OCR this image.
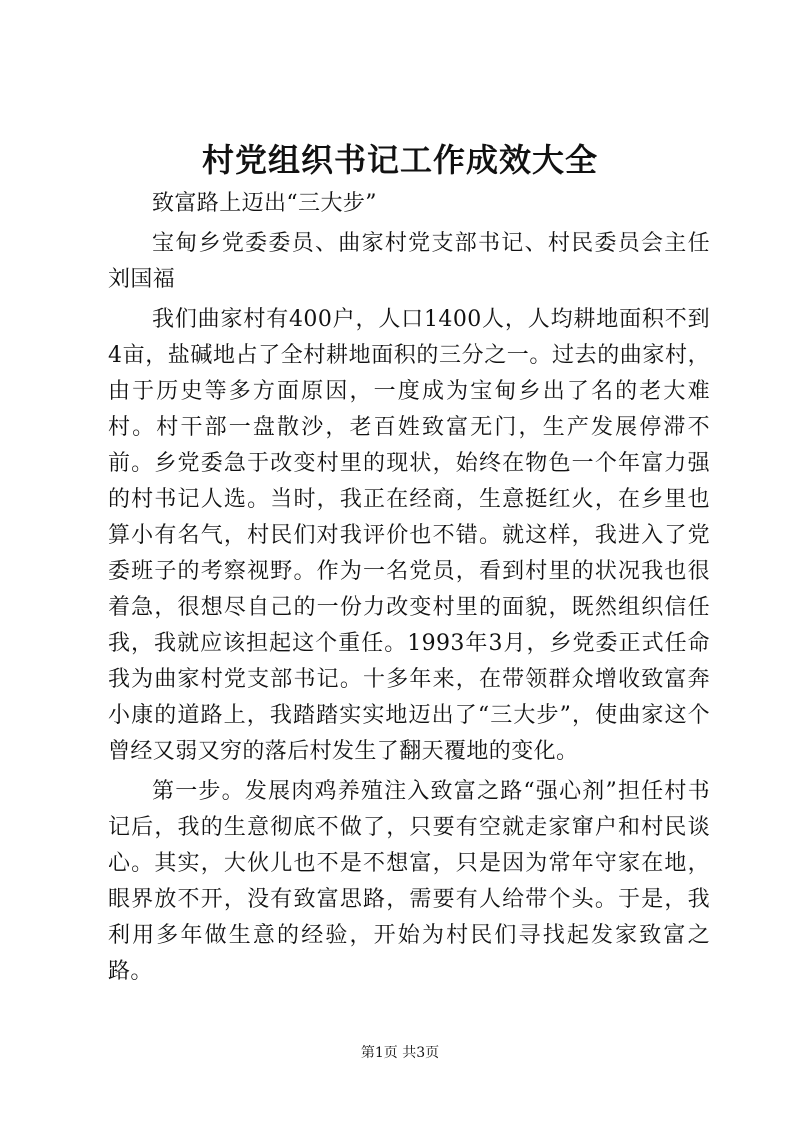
村党组织书记工作成效大全

致富路上迈出“三大步”

宝甸乡党委委员、曲家村党支部书记、村民委员会主任刘国福

我们曲家村有400户，人口1400人，人均耕地面积不到4亩，盐碱地占了全村耕地面积的三分之一。过去的曲家村，由于历史等多方面原因，一度成为宝甸乡出了名的老大难村。村干部一盘散沙，老百姓致富无门，生产发展停滞不前。乡党委急于改变村里的现状，始终在物色一个年富力强的村书记人选。当时，我正在经商，生意挺红火，在乡里也算小有名气，村民们对我评价也不错。就这样，我进入了党委班子的考察视野。作为一名党员，看到村里的状况我也很着急，很想尽自己的一份力改变村里的面貌，既然组织信任我，我就应该担起这个重任。1993年3月，乡党委正式任命我为曲家村党支部书记。十多年来，在带领群众增收致富奔小康的道路上，我踏踏实实地迈出了“三大步”，使曲家这个曾经又弱又穷的落后村发生了翻天覆地的变化。

第一步。发展肉鸡养殖注入致富之路“强心剂”担任村书记后，我的生意彻底不做了，只要有空就走家窜户和村民谈心。其实，大伙儿也不是不想富，只是因为常年守家在地，眼界放不开，没有致富思路，需要有人给带个头。于是，我利用多年做生意的经验，开始为村民们寻找起发家致富之路。

第1页 共3页
